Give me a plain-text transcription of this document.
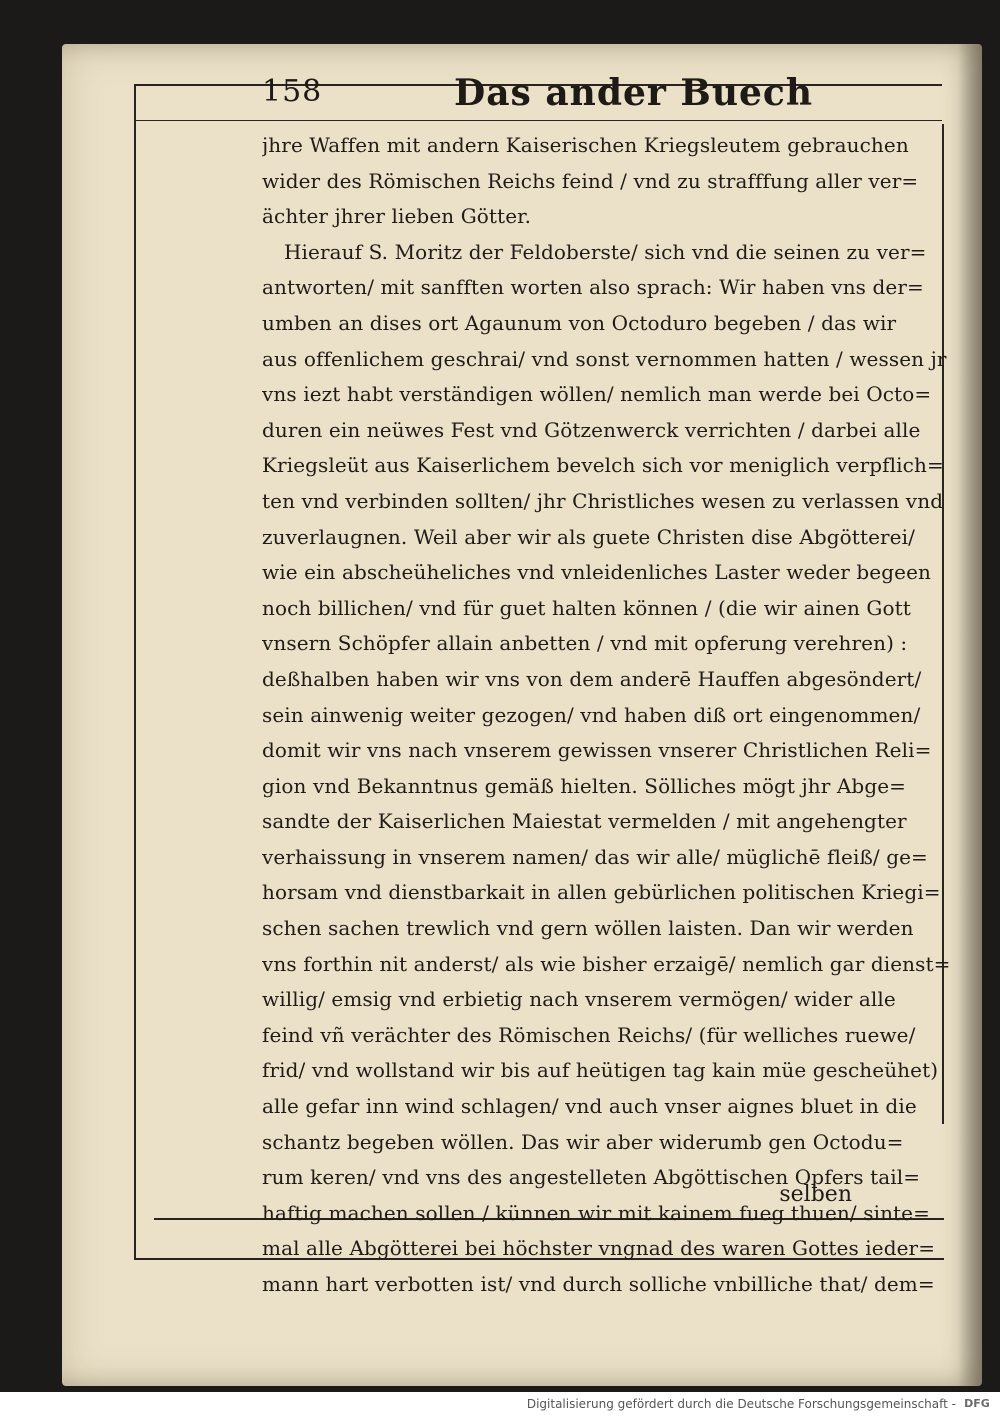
158	Das ander Buech
jhre Waffen mit andern Kaiserischen Kriegsleutem gebrauchen
wider des Römischen Reichs feind / vnd zu strafffung aller ver=
ächter jhrer lieben Götter.
Hierauf S. Moritz der Feldoberste/ sich vnd die seinen zu ver=
antworten/ mit sanfften worten also sprach: Wir haben vns der=
umben an dises ort Agaunum von Octoduro begeben / das wir
aus offenlichem geschrai/ vnd sonst vernommen hatten / wessen jr
vns iezt habt verständigen wöllen/ nemlich man werde bei Octo=
duren ein neüwes Fest vnd Götzenwerck verrichten / darbei alle
Kriegsleüt aus Kaiserlichem bevelch sich vor meniglich verpflich=
ten vnd verbinden sollten/ jhr Christliches wesen zu verlassen vnd
zuverlaugnen. Weil aber wir als guete Christen dise Abgötterei/
wie ein abscheüheliches vnd vnleidenliches Laster weder begeen
noch billichen/ vnd für guet halten können / (die wir ainen Gott
vnsern Schöpfer allain anbetten / vnd mit opferung verehren) :
deßhalben haben wir vns von dem anderē Hauffen abgesöndert/
sein ainwenig weiter gezogen/ vnd haben diß ort eingenommen/
domit wir vns nach vnserem gewissen vnserer Christlichen Reli=
gion vnd Bekanntnus gemäß hielten. Sölliches mögt jhr Abge=
sandte der Kaiserlichen Maiestat vermelden / mit angehengter
verhaissung in vnserem namen/ das wir alle/ müglichē fleiß/ ge=
horsam vnd dienstbarkait in allen gebürlichen politischen Kriegi=
schen sachen trewlich vnd gern wöllen laisten. Dan wir werden
vns forthin nit anderst/ als wie bisher erzaigē/ nemlich gar dienst=
willig/ emsig vnd erbietig nach vnserem vermögen/ wider alle
feind vñ verächter des Römischen Reichs/ (für welliches ruewe/
frid/ vnd wollstand wir bis auf heütigen tag kain müe gescheühet)
alle gefar inn wind schlagen/ vnd auch vnser aignes bluet in die
schantz begeben wöllen. Das wir aber widerumb gen Octodu=
rum keren/ vnd vns des angestelleten Abgöttischen Opfers tail=
haftig machen sollen / künnen wir mit kainem fueg thuen/ sinte=
mal alle Abgötterei bei höchster vngnad des waren Gottes ieder=
mann hart verbotten ist/ vnd durch solliche vnbilliche that/ dem=
selben
Digitalisierung gefördert durch die Deutsche Forschungsgemeinschaft - DFG
